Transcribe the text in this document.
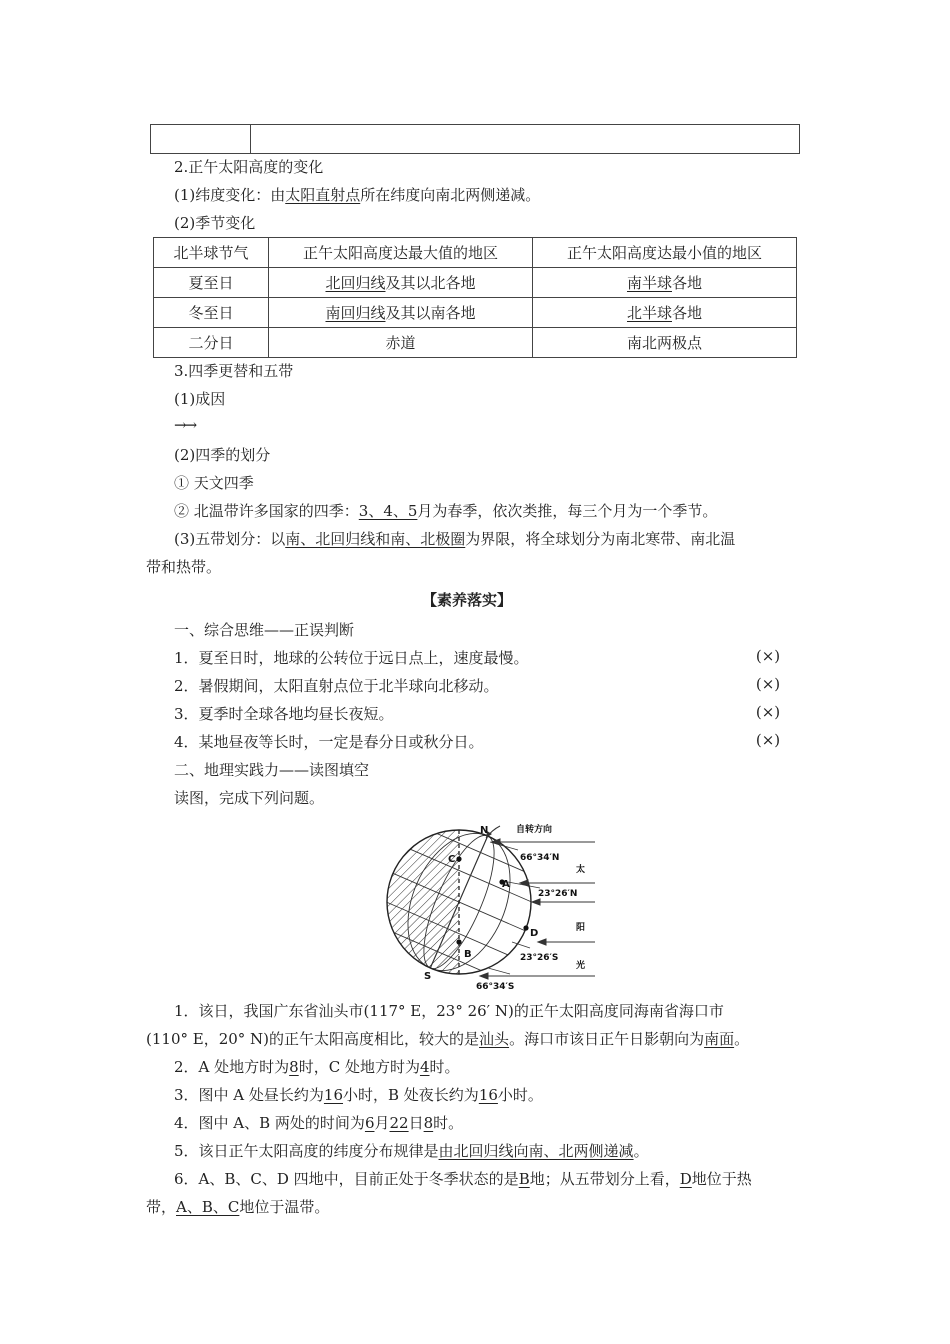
2.正午太阳高度的变化
(1)纬度变化：由太阳直射点所在纬度向南北两侧递减。
(2)季节变化
北半球节气	正午太阳高度达最大值的地区	正午太阳高度达最小值的地区
夏至日	北回归线及其以北各地	南半球各地
冬至日	南回归线及其以南各地	北半球各地
二分日	赤道	南北两极点
3.四季更替和五带
(1)成因
→→
(2)四季的划分
① 天文四季
② 北温带许多国家的四季：3、4、5月为春季，依次类推，每三个月为一个季节。
(3)五带划分：以南、北回归线和南、北极圈为界限，将全球划分为南北寒带、南北温
带和热带。
【素养落实】
一、综合思维——正误判断
1．夏至日时，地球的公转位于远日点上，速度最慢。	(×)
2．暑假期间，太阳直射点位于北半球向北移动。	(×)
3．夏季时全球各地均昼长夜短。	(×)
4．某地昼夜等长时，一定是春分日或秋分日。	(×)
二、地理实践力——读图填空
读图，完成下列问题。
N
S
C
A
B
D
自转方向
66°34′N
23°26′N
23°26′S
66°34′S
太
阳
光
1．该日，我国广东省汕头市(117° E，23° 26′ N)的正午太阳高度同海南省海口市
(110° E，20° N)的正午太阳高度相比，较大的是汕头。海口市该日正午日影朝向为南面。
2．A 处地方时为8时，C 处地方时为4时。
3．图中 A 处昼长约为16小时，B 处夜长约为16小时。
4．图中 A、B 两处的时间为6月22日8时。
5．该日正午太阳高度的纬度分布规律是由北回归线向南、北两侧递减。
6．A、B、C、D 四地中，目前正处于冬季状态的是B地；从五带划分上看，D地位于热
带，A、B、C地位于温带。
